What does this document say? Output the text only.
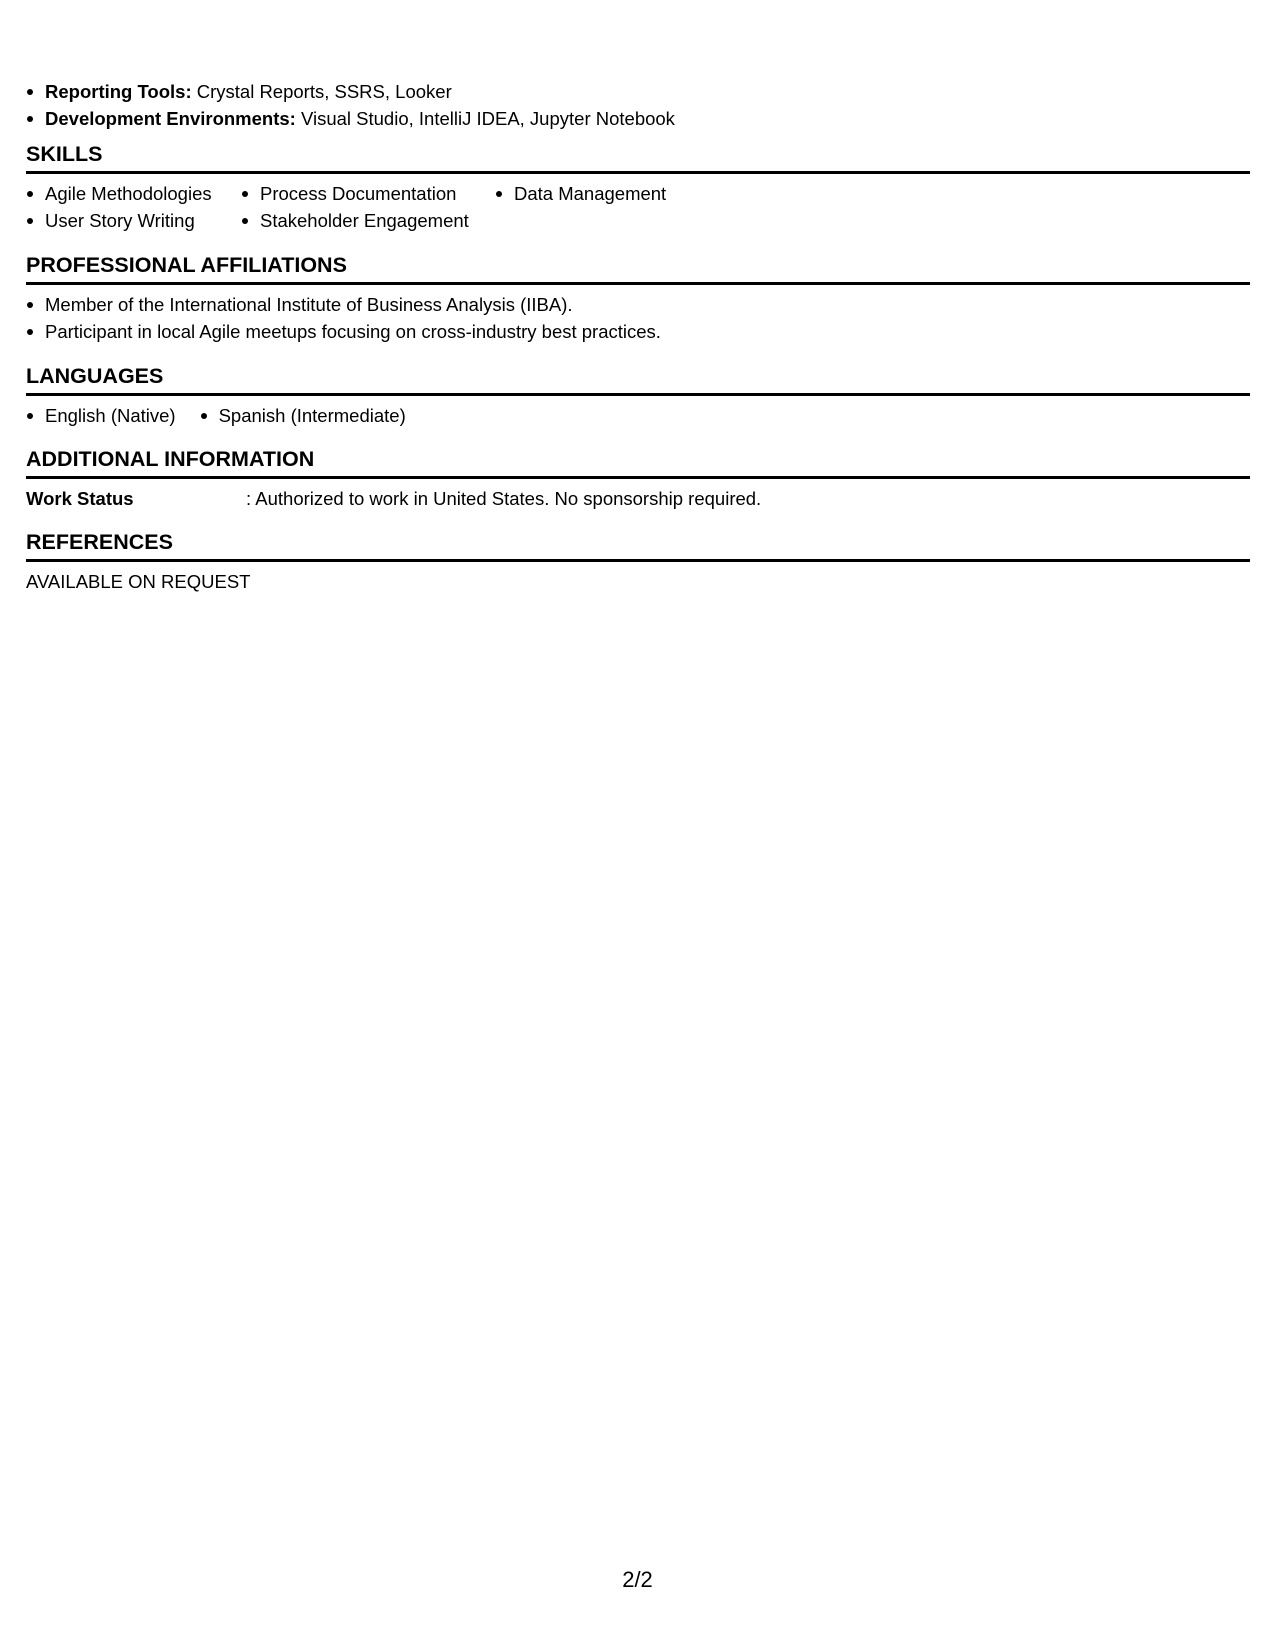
Reporting Tools: Crystal Reports, SSRS, Looker
Development Environments: Visual Studio, IntelliJ IDEA, Jupyter Notebook
SKILLS
Agile Methodologies
User Story Writing
Process Documentation
Stakeholder Engagement
Data Management
PROFESSIONAL AFFILIATIONS
Member of the International Institute of Business Analysis (IIBA).
Participant in local Agile meetups focusing on cross-industry best practices.
LANGUAGES
English (Native)	Spanish (Intermediate)
ADDITIONAL INFORMATION
Work Status	: Authorized to work in United States. No sponsorship required.
REFERENCES
AVAILABLE ON REQUEST
2/2
